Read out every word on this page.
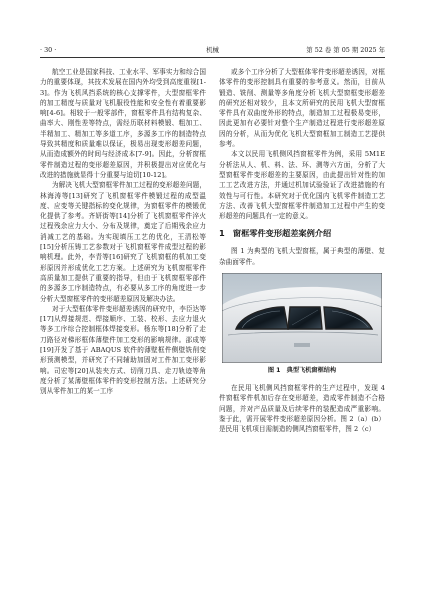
· 30 ·	机械	第 52 卷 第 05 期 2025 年

航空工业是国家科技、工业水平、军事实力和综合国力的重要体现，其技术发展在国内外均受到高度重视[1-3]。作为飞机风挡系统的核心支撑零件，大型窗框零件的加工精度与质量对飞机服役性能和安全性有着重要影响[4-6]。相较于一般零部件，窗框零件具有结构复杂、曲率大、刚性差等特点，需经历联材料模锻、粗加工、半精加工、精加工等多道工序，多源多工序的制造特点导致其精度和质量难以保证，极易出现变形超差问题，从而造成额外的时间与经济成本[7-9]。因此，分析窗框零件制造过程的变形超差原因，并积极提出对应优化与改进的措施就显得十分重要与迫切[10-12]。

为解决飞机大型窗框零件加工过程的变形超差问题，林海涛等[13]研究了飞机窗框零件模锻过程的成型温度、应变等关键指标的变化规律，为窗框零件的模锻优化提供了参考。齐妍街等[14]分析了飞机窗框零件淬火过程残余应力大小、分布及规律，奠定了后期残余应力消减工艺的基础。为实现填压工艺的优化，王清松等[15]分析压铸工艺参数对于飞机窗框零件成型过程的影响机理。此外，李青等[16]研究了飞机窗框的机加工变形原因并形成优化工艺方案。上述研究为飞机窗框零件高质量加工提供了重要的指导，但由于飞机窗框零部件的多源多工序制造特点，有必要从多工序的角度进一步分析大型窗框零件的变形超差原因及解决办法。

对于大型框体零件变形超差诱因的研究中，李臣达等[17]从焊接规范、焊接顺序、工装、校形、去应力退火等多工序综合控制框体焊接变形。杨东等[18]分析了走刀路径对梯形框体薄壁件加工变形的影响规律。邵成等[19]开发了基于 ABAQUS 软件的薄壁框件侧壁铣削变形预测模型，并研究了不同辅助加固对工件加工变形影响。司宏等[20]从装夹方式、切削刀具、走刀轨迹等角度分析了某薄壁框体零件的变形控制方法。上述研究分别从零件加工的某一工序

或多个工序分析了大型框体零件变形超差诱因，对框体零件的变形控制具有重要的参考意义。然而，目前从锻造、铣削、测量等多角度分析飞机大型窗框变形超差的研究还相对较少，且本文所研究的民用飞机大型窗框零件具有双曲度外形的特点，制造加工过程极易变形，因此更加有必要针对整个生产制造过程进行变形超差原因的分析，从而为优化飞机大型窗框加工制造工艺提供参考。

本文以民用飞机侧风挡窗框零件为例，采用 5M1E 分析法从人、机、料、法、环、测等六方面，分析了大型窗框零件变形超差的主要原因，由此提出针对性的加工工艺改进方法，并通过机加试验验证了改进措施的有效性与可行性。本研究对于优化国内飞机零件制造工艺方法、改善飞机大型窗框零件制造加工过程中产生的变形超差的问题具有一定的意义。

1　窗框零件变形超差案例介绍

图 1 为典型的飞机大型窗框，属于典型的薄壁、复杂曲面零件。

图 1　典型飞机窗框结构

在民用飞机侧风挡窗框零件的生产过程中，发现 4 件窗框零件机加后存在变形超差，造成零件制造不合格问题，并对产品质量及后续零件的装配造成严重影响。鉴于此，需开展零件变形超差原因分析。图 2（a）(b）是民用飞机项目需制造的侧风挡窗框零件，图 2（c）
